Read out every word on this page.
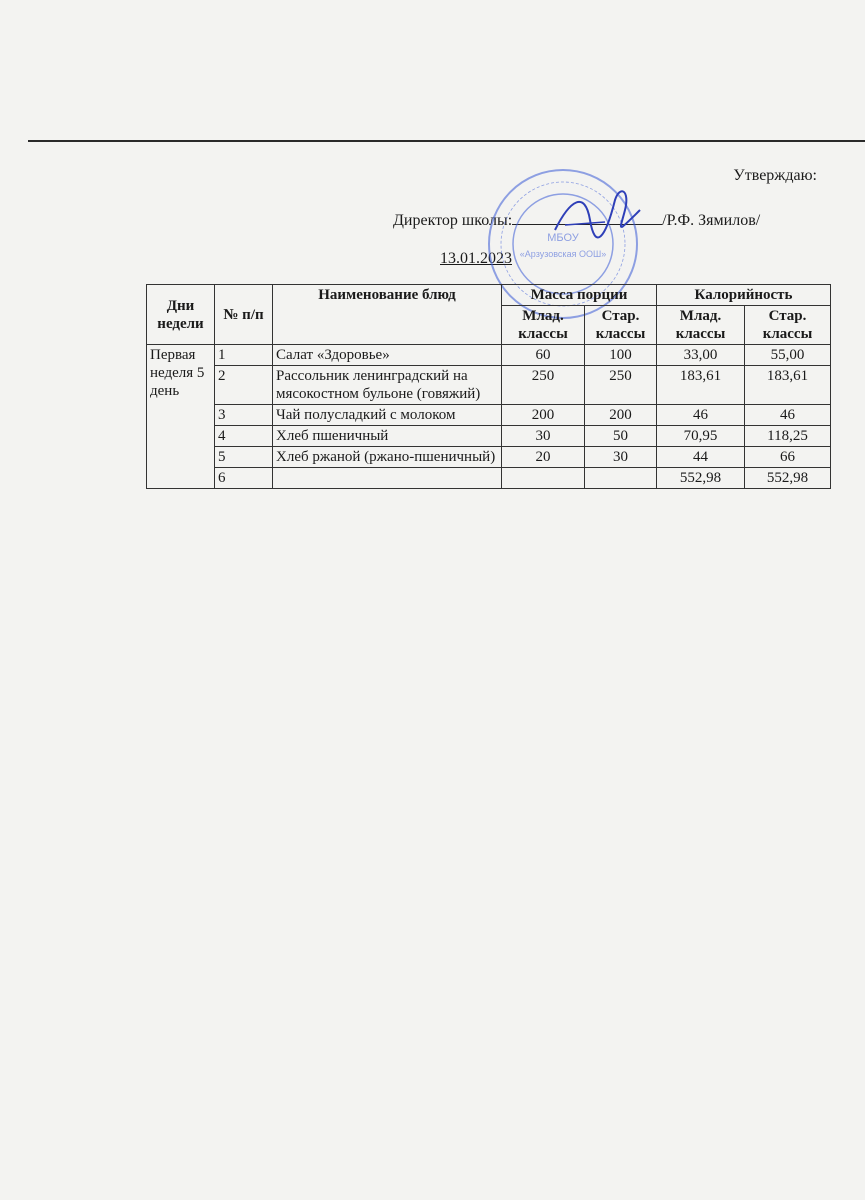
Утверждаю:
Директор школы:	/Р.Ф. Зямилов/
13.01.2023
МБОУ
«Арзузовская ООШ»
Дни недели	№ п/п	Наименование блюд	Масса порции		Калорийность	
			Млад. классы	Стар. классы	Млад. классы	Стар. классы
Первая неделя 5 день	1	Салат «Здоровье»	60	100	33,00	55,00
	2	Рассольник ленинградский на мясокостном бульоне (говяжий)	250	250	183,61	183,61
	3	Чай полусладкий с молоком	200	200	46	46
	4	Хлеб пшеничный	30	50	70,95	118,25
	5	Хлеб ржаной (ржано-пшеничный)	20	30	44	66
	6				552,98	552,98
